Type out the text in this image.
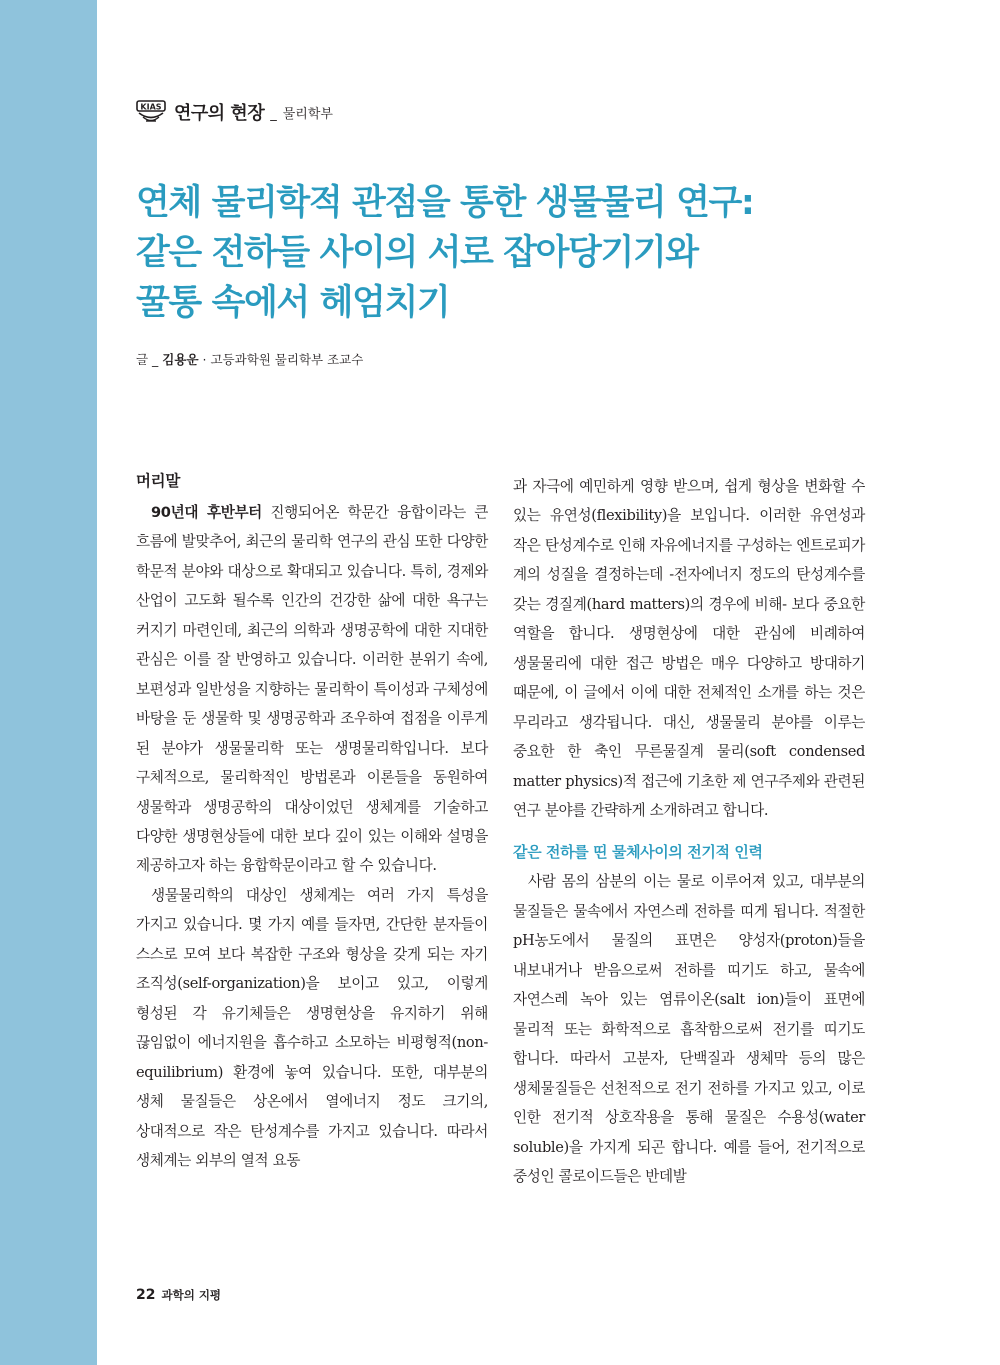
KIAS 연구의 현장 _ 물리학부
연체 물리학적 관점을 통한 생물물리 연구:
같은 전하들 사이의 서로 잡아당기기와
꿀통 속에서 헤엄치기
글 _ 김용운 · 고등과학원 물리학부 조교수
머리말

90년대 후반부터 진행되어온 학문간 융합이라는 큰 흐름에 발맞추어, 최근의 물리학 연구의 관심 또한 다양한 학문적 분야와 대상으로 확대되고 있습니다. 특히, 경제와 산업이 고도화 될수록 인간의 건강한 삶에 대한 욕구는 커지기 마련인데, 최근의 의학과 생명공학에 대한 지대한 관심은 이를 잘 반영하고 있습니다. 이러한 분위기 속에, 보편성과 일반성을 지향하는 물리학이 특이성과 구체성에 바탕을 둔 생물학 및 생명공학과 조우하여 접점을 이루게 된 분야가 생물물리학 또는 생명물리학입니다. 보다 구체적으로, 물리학적인 방법론과 이론들을 동원하여 생물학과 생명공학의 대상이었던 생체계를 기술하고 다양한 생명현상들에 대한 보다 깊이 있는 이해와 설명을 제공하고자 하는 융합학문이라고 할 수 있습니다.

생물물리학의 대상인 생체계는 여러 가지 특성을 가지고 있습니다. 몇 가지 예를 들자면, 간단한 분자들이 스스로 모여 보다 복잡한 구조와 형상을 갖게 되는 자기 조직성(self-organization)을 보이고 있고, 이렇게 형성된 각 유기체들은 생명현상을 유지하기 위해 끊임없이 에너지원을 흡수하고 소모하는 비평형적(non-equilibrium) 환경에 놓여 있습니다. 또한, 대부분의 생체 물질들은 상온에서 열에너지 정도 크기의, 상대적으로 작은 탄성계수를 가지고 있습니다. 따라서 생체계는 외부의 열적 요동

과 자극에 예민하게 영향 받으며, 쉽게 형상을 변화할 수 있는 유연성(flexibility)을 보입니다. 이러한 유연성과 작은 탄성계수로 인해 자유에너지를 구성하는 엔트로피가 계의 성질을 결정하는데 -전자에너지 정도의 탄성계수를 갖는 경질계(hard matters)의 경우에 비해- 보다 중요한 역할을 합니다. 생명현상에 대한 관심에 비례하여 생물물리에 대한 접근 방법은 매우 다양하고 방대하기 때문에, 이 글에서 이에 대한 전체적인 소개를 하는 것은 무리라고 생각됩니다. 대신, 생물물리 분야를 이루는 중요한 한 축인 무른물질계 물리(soft condensed matter physics)적 접근에 기초한 제 연구주제와 관련된 연구 분야를 간략하게 소개하려고 합니다.

같은 전하를 띤 물체사이의 전기적 인력

사람 몸의 삼분의 이는 물로 이루어져 있고, 대부분의 물질들은 물속에서 자연스레 전하를 띠게 됩니다. 적절한 pH농도에서 물질의 표면은 양성자(proton)들을 내보내거나 받음으로써 전하를 띠기도 하고, 물속에 자연스레 녹아 있는 염류이온(salt ion)들이 표면에 물리적 또는 화학적으로 흡착함으로써 전기를 띠기도 합니다. 따라서 고분자, 단백질과 생체막 등의 많은 생체물질들은 선천적으로 전기 전하를 가지고 있고, 이로 인한 전기적 상호작용을 통해 물질은 수용성(water soluble)을 가지게 되곤 합니다. 예를 들어, 전기적으로 중성인 콜로이드들은 반데발

22 과학의 지평
